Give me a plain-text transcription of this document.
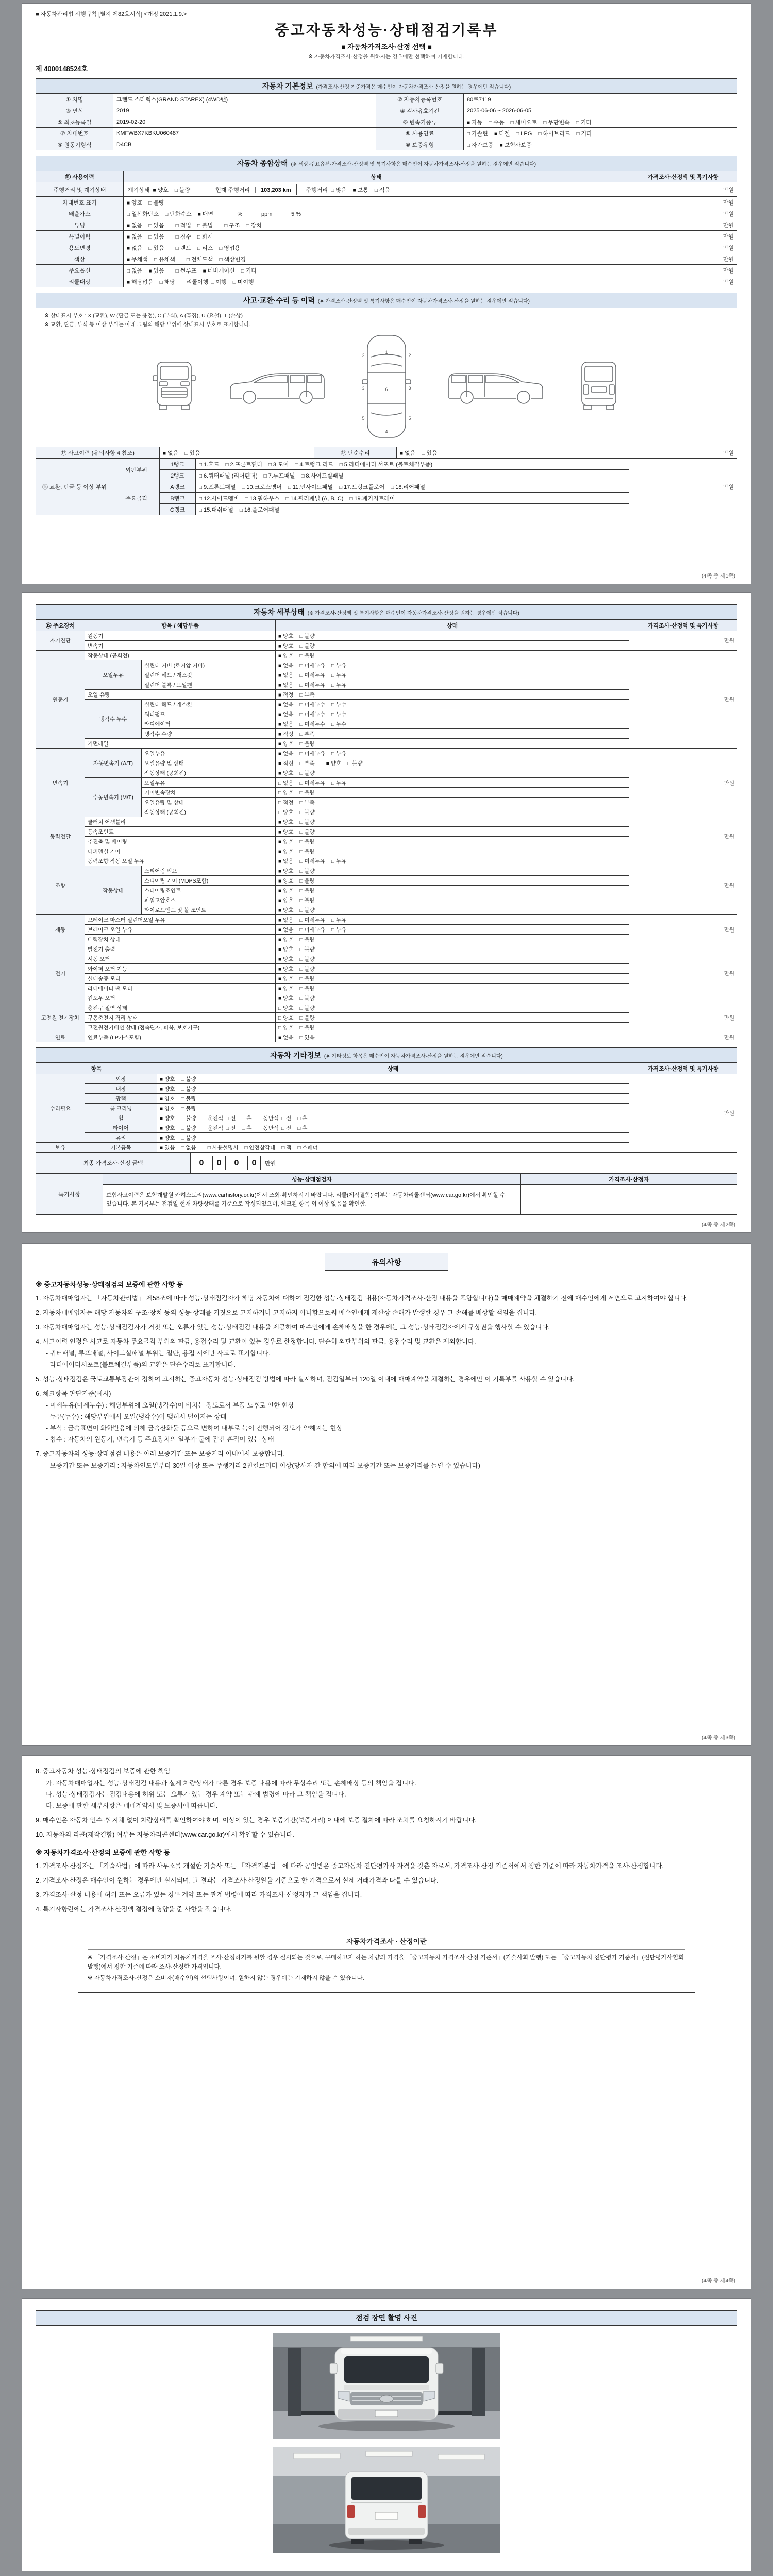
■ 자동차관리법 시행규칙 [별지 제82호서식] <개정 2021.1.9.>
중고자동차성능·상태점검기록부
■ 자동차가격조사·산정 선택 ■
※ 자동차가격조사·산정을 원하시는 경우에만 선택하여 기재합니다.
제 4000148524호
자동차 기본정보 (가격조사·산정 기준가격은 매수인이 자동차가격조사·산정을 원하는 경우에만 적습니다)
① 차명	그랜드 스타렉스(GRAND STAREX) (4WD밴)	② 자동차등록번호	80로7119
③ 연식	2019	④ 검사유효기간	2025-06-06 ~ 2026-06-05
⑤ 최초등록일	2019-02-20	⑥ 변속기종류	■ 자동 □ 수동 □ 세미오토 □ 무단변속 □ 기타
⑦ 차대번호	KMFWBX7KBKU060487	⑧ 사용연료	□ 가솔린 ■ 디젤 □ LPG □ 하이브리드 □ 기타
⑨ 원동기형식	D4CB	⑩ 보증유형	□ 자가보증 ■ 보험사보증
자동차 종합상태 (※ 색상·주요옵션·가격조사·산정액 및 특기사항은 매수인이 자동차가격조사·산정을 원하는 경우에만 적습니다)
⑪ 사용이력	상태	가격조사·산정액 및 특기사항
주행거리 및 계기상태	계기상태 ■ 양호 □ 불량 현재 주행거리 103,203 km 주행거리 □ 많음 ■ 보통 □ 적음	만원
차대번호 표기	■ 양호 □ 불량	만원
배출가스	□ 일산화탄소 □ 탄화수소 ■ 매연        %            ppm            5 %	만원
튜닝	■ 없음 □ 있음 □ 적법 □ 불법 □ 구조 □ 장치	만원
특별이력	■ 없음 □ 있음 □ 침수 □ 화재	만원
용도변경	■ 없음 □ 있음 □ 렌트 □ 리스 □ 영업용	만원
색상	■ 무채색 □ 유채색 □ 전체도색 □ 색상변경	만원
주요옵션	□ 없음 ■ 있음 □ 썬루프 ■ 네비게이션 □ 기타	만원
리콜대상	■ 해당없음 □ 해당 리콜이행 □ 이행 □ 미이행	만원
사고·교환·수리 등 이력 (※ 가격조사·산정액 및 특기사항은 매수인이 자동차가격조사·산정을 원하는 경우에만 적습니다)
※ 상태표시 부호 : X (교환), W (판금 또는 용접), C (부식), A (흠집), U (요철), T (손상)
※ 교환, 판금, 부식 등 이상 부위는 아래 그림의 해당 부위에 상태표시 부호로 표기합니다.
1
2	2
3	3
6
5	5
4
⑫ 사고이력 (유의사항 4 참조)	■ 없음 □ 있음	⑬ 단순수리	■ 없음 □ 있음	만원
⑭ 교환, 판금 등 이상 부위	외판부위	1랭크	□ 1.후드 □ 2.프론트휀더 □ 3.도어 □ 4.트렁크 리드 □ 5.라디에이터 서포트 (볼트체결부품)	만원
		2랭크	□ 6.쿼터패널 (리어휀더) □ 7.루프패널 □ 8.사이드실패널	
	주요골격	A랭크	□ 9.프론트패널 □ 10.크로스멤버 □ 11.인사이드패널 □ 17.트렁크플로어 □ 18.리어패널	
		B랭크	□ 12.사이드멤버 □ 13.휠하우스 □ 14.필러패널 (A, B, C) □ 19.패키지트레이	
		C랭크	□ 15.대쉬패널 □ 16.플로어패널	
(4쪽 중 제1쪽)
자동차 세부상태 (※ 가격조사·산정액 및 특기사항은 매수인이 자동차가격조사·산정을 원하는 경우에만 적습니다)
⑮ 주요장치	항목 / 해당부품		상태	가격조사·산정액 및 특기사항
자기진단	원동기		■ 양호 □ 불량	만원
	변속기		■ 양호 □ 불량	
원동기	작동상태 (공회전)		■ 양호 □ 불량	만원
	오일누유	실린더 커버 (로커암 커버)	■ 없음 □ 미세누유 □ 누유	
		실린더 헤드 / 개스킷	■ 없음 □ 미세누유 □ 누유	
		실린더 블록 / 오일팬	■ 없음 □ 미세누유 □ 누유	
	오일 유량		■ 적정 □ 부족	
	냉각수 누수	실린더 헤드 / 개스킷	■ 없음 □ 미세누수 □ 누수	
		워터펌프	■ 없음 □ 미세누수 □ 누수	
		라디에이터	■ 없음 □ 미세누수 □ 누수	
		냉각수 수량	■ 적정 □ 부족	
	커먼레일		■ 양호 □ 불량	
변속기	자동변속기 (A/T)	오일누유	■ 없음 □ 미세누유 □ 누유	만원
		오일유량 및 상태	■ 적정 □ 부족 ■ 양호 □ 불량	
		작동상태 (공회전)	■ 양호 □ 불량	
	수동변속기 (M/T)	오일누유	□ 없음 □ 미세누유 □ 누유	
		기어변속장치	□ 양호 □ 불량	
		오일유량 및 상태	□ 적정 □ 부족	
		작동상태 (공회전)	□ 양호 □ 불량	
동력전달	클러치 어셈블리		■ 양호 □ 불량	만원
	등속조인트		■ 양호 □ 불량	
	추진축 및 베어링		■ 양호 □ 불량	
	디퍼렌셜 기어		■ 양호 □ 불량	
조향	동력조향 작동 오일 누유		■ 없음 □ 미세누유 □ 누유	만원
	작동상태	스티어링 펌프	■ 양호 □ 불량	
		스티어링 기어 (MDPS포함)	■ 양호 □ 불량	
		스티어링조인트	■ 양호 □ 불량	
		파워고압호스	■ 양호 □ 불량	
		타이로드엔드 및 볼 조인트	■ 양호 □ 불량	
제동	브레이크 마스터 실린더오일 누유		■ 없음 □ 미세누유 □ 누유	만원
	브레이크 오일 누유		■ 없음 □ 미세누유 □ 누유	
	배력장치 상태		■ 양호 □ 불량	
전기	발전기 출력		■ 양호 □ 불량	만원
	시동 모터		■ 양호 □ 불량	
	와이퍼 모터 기능		■ 양호 □ 불량	
	실내송풍 모터		■ 양호 □ 불량	
	라디에이터 팬 모터		■ 양호 □ 불량	
	윈도우 모터		■ 양호 □ 불량	
고전원 전기장치	충전구 절연 상태		□ 양호 □ 불량	만원
	구동축전지 격리 상태		□ 양호 □ 불량	
	고전원전기배선 상태 (접속단자, 피복, 보호기구)		□ 양호 □ 불량	
연료	연료누출 (LP가스포함)		■ 없음 □ 있음	만원
자동차 기타정보 (※ 기타정보 항목은 매수인이 자동차가격조사·산정을 원하는 경우에만 적습니다)
항목		상태	가격조사·산정액 및 특기사항
수리필요	외장	■ 양호 □ 불량	만원
	내장	■ 양호 □ 불량	
	광택	■ 양호 □ 불량	
	룸 크리닝	■ 양호 □ 불량	
	휠	■ 양호 □ 불량 운전석 □ 전 □ 후 동반석 □ 전 □ 후	
	타이어	■ 양호 □ 불량 운전석 □ 전 □ 후 동반석 □ 전 □ 후	
	유리	■ 양호 □ 불량	
보유	기본품목	■ 있음 □ 없음 □ 사용설명서 □ 안전삼각대 □ 잭 □ 스패너	
최종 가격조사·산정 금액	0 0 0 0 만원
특기사항	성능·상태점검자	가격조사·산정자
	보험사고이력은 보험개발원 카히스토리(www.carhistory.or.kr)에서 조회·확인하시기 바랍니다. 리콜(제작결함) 여부는 자동차리콜센터(www.car.go.kr)에서 확인할 수 있습니다. 본 기록부는 점검일 현재 차량상태를 기준으로 작성되었으며, 체크된 항목 외 이상 없음을 확인함.	
(4쪽 중 제2쪽)
유의사항
※ 중고자동차성능·상태점검의 보증에 관한 사항 등
1. 자동차매매업자는 「자동차관리법」 제58조에 따라 성능·상태점검자가 해당 자동차에 대하여 점검한 성능·상태점검 내용(자동차가격조사·산정 내용을 포함합니다)을 매매계약을 체결하기 전에 매수인에게 서면으로 고지하여야 합니다.
2. 자동차매매업자는 해당 자동차의 구조·장치 등의 성능·상태를 거짓으로 고지하거나 고지하지 아니함으로써 매수인에게 재산상 손해가 발생한 경우 그 손해를 배상할 책임을 집니다.
3. 자동차매매업자는 성능·상태점검자가 거짓 또는 오류가 있는 성능·상태점검 내용을 제공하여 매수인에게 손해배상을 한 경우에는 그 성능·상태점검자에게 구상권을 행사할 수 있습니다.
4. 사고이력 인정은 사고로 자동차 주요골격 부위의 판금, 용접수리 및 교환이 있는 경우로 한정합니다. 단순히 외판부위의 판금, 용접수리 및 교환은 제외합니다.
- 쿼터패널, 루프패널, 사이드실패널 부위는 절단, 용접 시에만 사고로 표기합니다.
- 라디에이터서포트(볼트체결부품)의 교환은 단순수리로 표기합니다.
5. 성능·상태점검은 국토교통부장관이 정하여 고시하는 중고자동차 성능·상태점검 방법에 따라 실시하며, 점검일부터 120일 이내에 매매계약을 체결하는 경우에만 이 기록부를 사용할 수 있습니다.
6. 체크항목 판단기준(예시)
- 미세누유(미세누수) : 해당부위에 오일(냉각수)이 비치는 정도로서 부품 노후로 인한 현상
- 누유(누수) : 해당부위에서 오일(냉각수)이 맺혀서 떨어지는 상태
- 부식 : 금속표면이 화학반응에 의해 금속산화물 등으로 변하여 내부로 녹이 진행되어 강도가 약해지는 현상
- 침수 : 자동차의 원동기, 변속기 등 주요장치의 일부가 물에 잠긴 흔적이 있는 상태
7. 중고자동차의 성능·상태점검 내용은 아래 보증기간 또는 보증거리 이내에서 보증합니다.
- 보증기간 또는 보증거리 : 자동차인도일부터 30일 이상 또는 주행거리 2천킬로미터 이상(당사자 간 합의에 따라 보증기간 또는 보증거리를 늘릴 수 있습니다)
(4쪽 중 제3쪽)
8. 중고자동차 성능·상태점검의 보증에 관한 책임
가. 자동차매매업자는 성능·상태점검 내용과 실제 차량상태가 다른 경우 보증 내용에 따라 무상수리 또는 손해배상 등의 책임을 집니다.
나. 성능·상태점검자는 점검내용에 허위 또는 오류가 있는 경우 계약 또는 관계 법령에 따라 그 책임을 집니다.
다. 보증에 관한 세부사항은 매매계약서 및 보증서에 따릅니다.
9. 매수인은 자동차 인수 후 지체 없이 차량상태를 확인하여야 하며, 이상이 있는 경우 보증기간(보증거리) 이내에 보증 절차에 따라 조치를 요청하시기 바랍니다.
10. 자동차의 리콜(제작결함) 여부는 자동차리콜센터(www.car.go.kr)에서 확인할 수 있습니다.
※ 자동차가격조사·산정의 보증에 관한 사항 등
1. 가격조사·산정자는 「기술사법」에 따라 사무소를 개설한 기술사 또는 「자격기본법」에 따라 공인받은 중고자동차 진단평가사 자격을 갖춘 자로서, 가격조사·산정 기준서에서 정한 기준에 따라 자동차가격을 조사·산정합니다.
2. 가격조사·산정은 매수인이 원하는 경우에만 실시되며, 그 결과는 가격조사·산정일을 기준으로 한 가격으로서 실제 거래가격과 다를 수 있습니다.
3. 가격조사·산정 내용에 허위 또는 오류가 있는 경우 계약 또는 관계 법령에 따라 가격조사·산정자가 그 책임을 집니다.
4. 특기사항란에는 가격조사·산정액 결정에 영향을 준 사항을 적습니다.
자동차가격조사 · 산정이란
※ 「가격조사·산정」은 소비자가 자동차가격을 조사·산정하기를 원할 경우 실시되는 것으로, 구매하고자 하는 차량의 가격을 「중고자동차 가격조사·산정 기준서」(기술사회 발행) 또는 「중고자동차 진단평가 기준서」(진단평가사협회 발행)에서 정한 기준에 따라 조사·산정한 가격입니다.
※ 자동차가격조사·산정은 소비자(매수인)의 선택사항이며, 원하지 않는 경우에는 기재하지 않을 수 있습니다.
(4쪽 중 제4쪽)
점검 장면 촬영 사진
